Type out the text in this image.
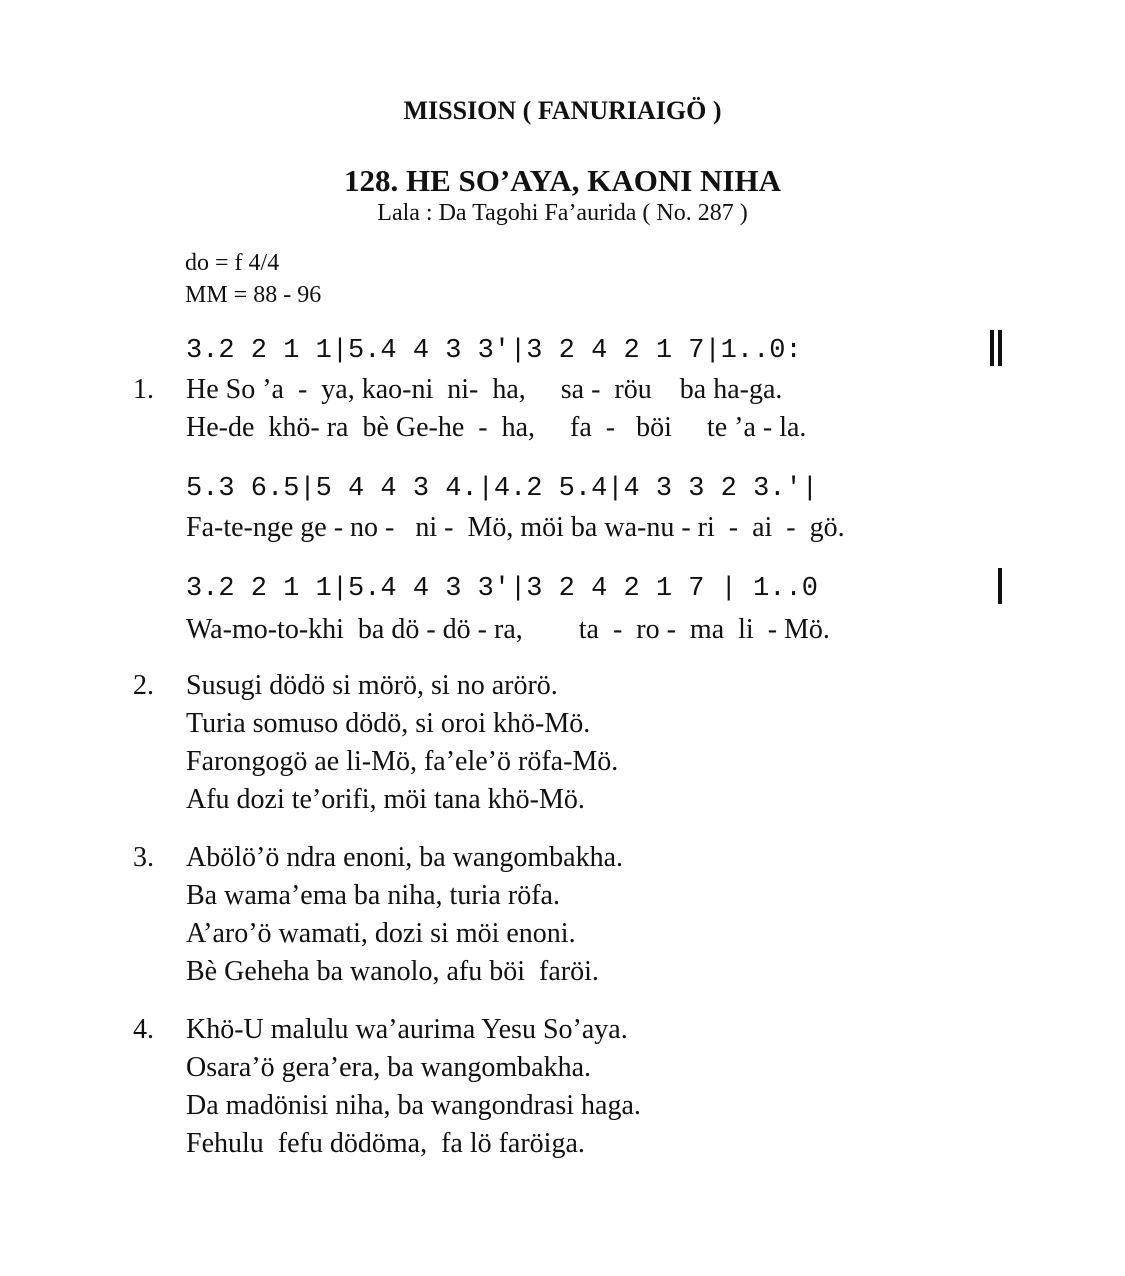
MISSION ( FANURIAIGÖ )
128. HE SO’AYA, KAONI NIHA
Lala : Da Tagohi Fa’aurida ( No. 287 )
do = f 4/4
MM = 88 - 96
3.2 2 1 1|5.4 4 3 3'|3 2 4 2 1 7|1..0:
1. He So ’a  -  ya, kao-ni  ni-  ha,     sa -  röu    ba ha-ga.
He-de  khö- ra  bè Ge-he  -  ha,     fa  -   böi     te ’a - la.
5.3 6.5|5 4 4 3 4.|4.2 5.4|4 3 3 2 3.'|
Fa-te-nge ge - no -   ni -  Mö, möi ba wa-nu - ri  -  ai  -  gö.
3.2 2 1 1|5.4 4 3 3'|3 2 4 2 1 7 | 1..0
Wa-mo-to-khi  ba dö - dö - ra,        ta  -  ro -  ma  li  - Mö.
2. Susugi dödö si mörö, si no arörö.
Turia somuso dödö, si oroi khö-Mö.
Farongogö ae li-Mö, fa’ele’ö röfa-Mö.
Afu dozi te’orifi, möi tana khö-Mö.
3. Abölö’ö ndra enoni, ba wangombakha.
Ba wama’ema ba niha, turia röfa.
A’aro’ö wamati, dozi si möi enoni.
Bè Geheha ba wanolo, afu böi  faröi.
4. Khö-U malulu wa’aurima Yesu So’aya.
Osara’ö gera’era, ba wangombakha.
Da madönisi niha, ba wangondrasi haga.
Fehulu  fefu dödöma,  fa lö faröiga.
